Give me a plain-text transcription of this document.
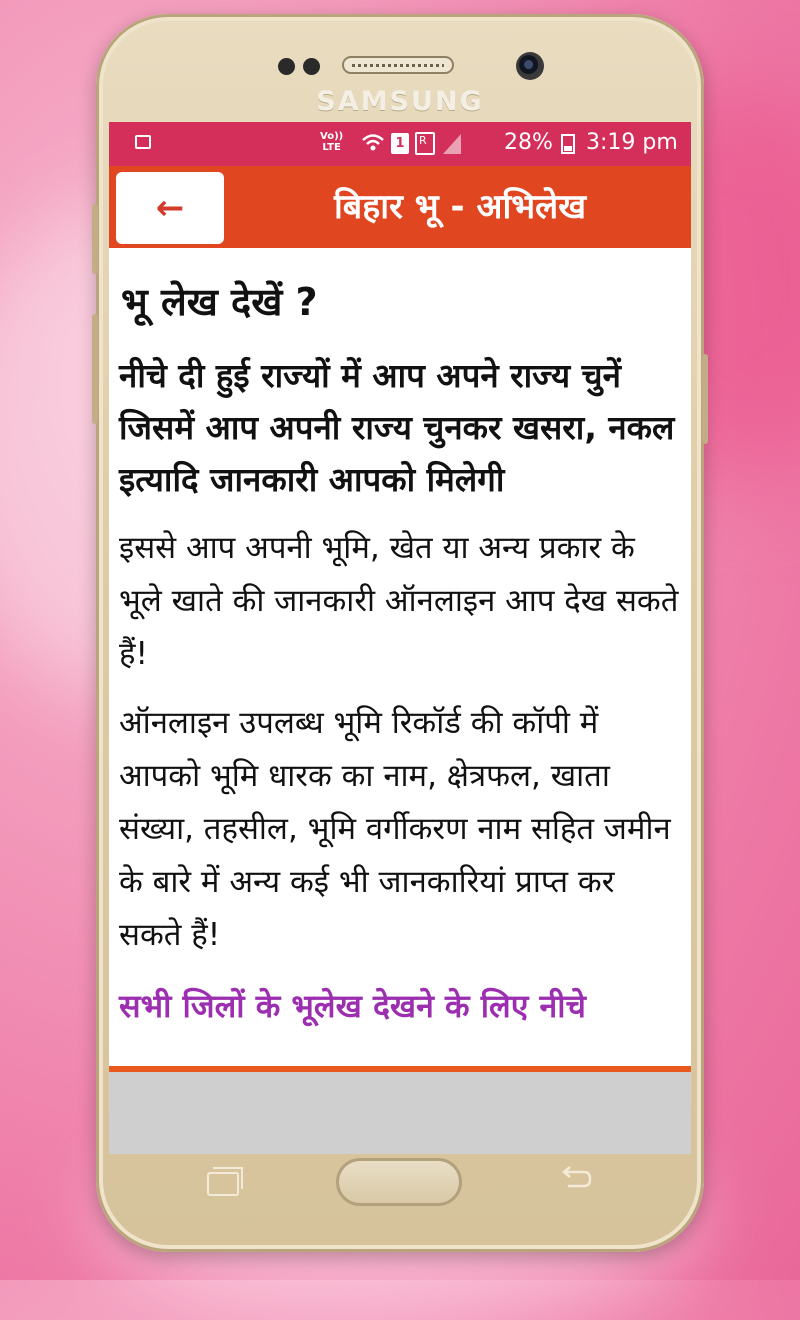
SAMSUNG
Vo))
LTE	1	R	28% 3:19 pm
←	बिहार भू - अभिलेख
भू लेख देखें ?
नीचे दी हुई राज्यों में आप अपने राज्य चुनें जिसमें आप अपनी राज्य चुनकर खसरा, नकल इत्यादि जानकारी आपको मिलेगी
इससे आप अपनी भूमि, खेत या अन्य प्रकार के भूले खाते की जानकारी ऑनलाइन आप देख सकते हैं!
ऑनलाइन उपलब्ध भूमि रिकॉर्ड की कॉपी में आपको भूमि धारक का नाम, क्षेत्रफल, खाता संख्या, तहसील, भूमि वर्गीकरण नाम सहित जमीन के बारे में अन्य कई भी जानकारियां प्राप्त कर सकते हैं!
सभी जिलों के भूलेख देखने के लिए नीचे
